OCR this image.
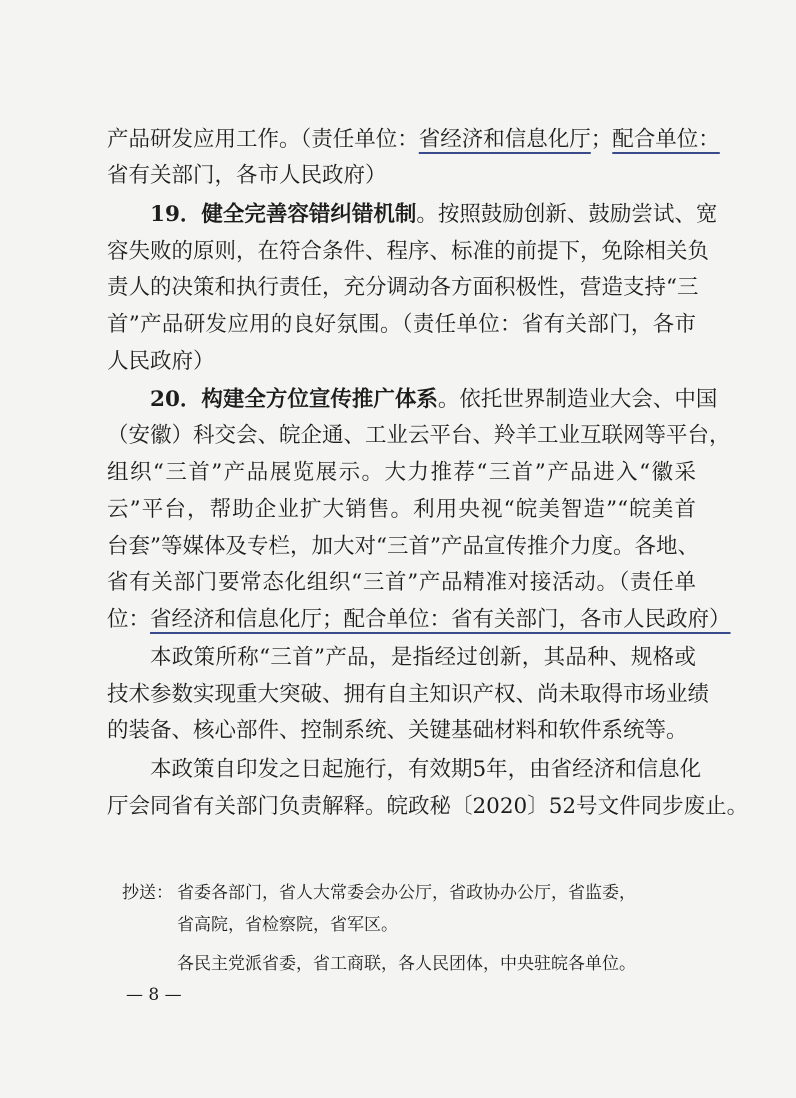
产品研发应用工作。（责任单位：省经济和信息化厅；配合单位：
省有关部门，各市人民政府）
19．健全完善容错纠错机制。按照鼓励创新、鼓励尝试、宽
容失败的原则，在符合条件、程序、标准的前提下，免除相关负
责人的决策和执行责任，充分调动各方面积极性，营造支持“三
首”产品研发应用的良好氛围。（责任单位：省有关部门，各市
人民政府）
20．构建全方位宣传推广体系。依托世界制造业大会、中国
（安徽）科交会、皖企通、工业云平台、羚羊工业互联网等平台，
组织“三首”产品展览展示。大力推荐“三首”产品进入“徽采
云”平台，帮助企业扩大销售。利用央视“皖美智造”“皖美首
台套”等媒体及专栏，加大对“三首”产品宣传推介力度。各地、
省有关部门要常态化组织“三首”产品精准对接活动。（责任单
位：省经济和信息化厅；配合单位：省有关部门，各市人民政府）
本政策所称“三首”产品，是指经过创新，其品种、规格或
技术参数实现重大突破、拥有自主知识产权、尚未取得市场业绩
的装备、核心部件、控制系统、关键基础材料和软件系统等。
本政策自印发之日起施行，有效期5年，由省经济和信息化
厅会同省有关部门负责解释。皖政秘〔2020〕52号文件同步废止。
抄送： 省委各部门，省人大常委会办公厅，省政协办公厅，省监委，
省高院，省检察院，省军区。
各民主党派省委，省工商联，各人民团体，中央驻皖各单位。
— 8 —
